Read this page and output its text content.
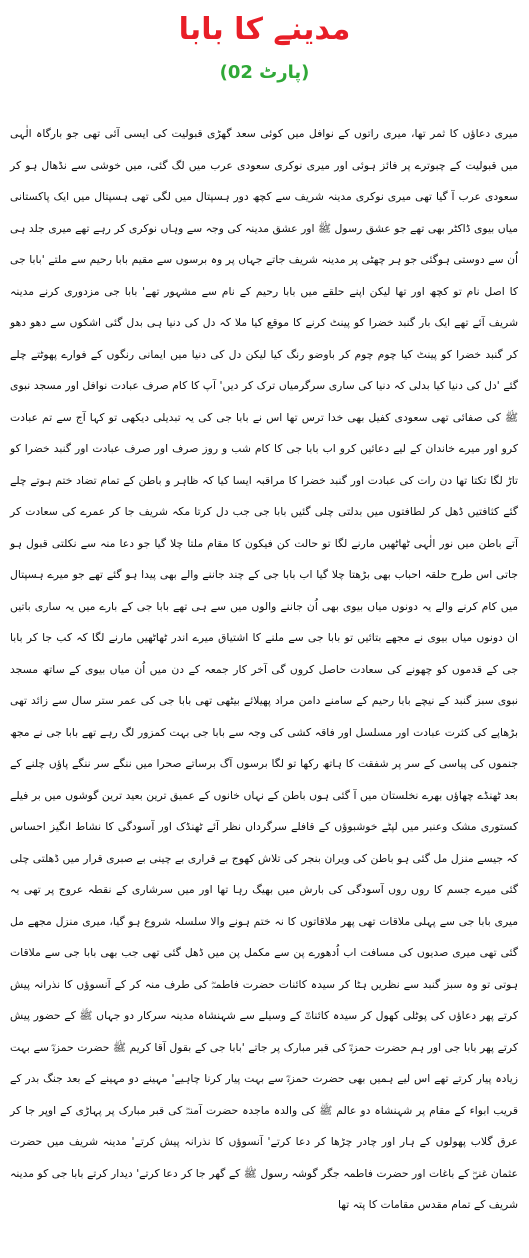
مدینے کا بابا
(پارٹ 02)

میری دعاؤں کا ثمر تھا، میری راتوں کے نوافل میں کوئی سعد گھڑی قبولیت کی ایسی آئی تھی جو بارگاہ الٰہی میں قبولیت کے چبوترے پر فائز ہوئی اور میری نوکری سعودی عرب میں لگ گئی، میں خوشی سے نڈھال ہو کر سعودی عرب آ گیا تھی میری نوکری مدینہ شریف سے کچھ دور ہسپتال میں لگی تھی ہسپتال میں ایک پاکستانی میاں بیوی ڈاکٹر بھی تھے جو عشق رسول ﷺ اور عشق مدینہ کی وجہ سے وہاں نوکری کر رہے تھے میری جلد ہی اُن سے دوستی ہوگئی جو ہر چھٹی پر مدینہ شریف جاتے جہاں پر وہ برسوں سے مقیم بابا رحیم سے ملتے 'بابا جی کا اصل نام تو کچھ اور تھا لیکن اپنے حلقے میں بابا رحیم کے نام سے مشہور تھے' بابا جی مزدوری کرنے مدینہ شریف آئے تھے ایک بار گنبد خضرا کو پینٹ کرنے کا موقع کیا ملا کہ دل کی دنیا ہی بدل گئی اشکوں سے دھو دھو کر گنبد خضرا کو پینٹ کیا چوم چوم کر باوضو رنگ کیا لیکن دل کی دنیا میں ایمانی رنگوں کے فوارے پھوٹتے چلے گئے 'دل کی دنیا کیا بدلی کہ دنیا کی ساری سرگرمیاں ترک کر دیں' آپ کا کام صرف عبادت نوافل اور مسجد نبوی ﷺ کی صفائی تھی سعودی کفیل بھی خدا ترس تھا اس نے بابا جی کی یہ تبدیلی دیکھی تو کہا آج سے تم عبادت کرو اور میرے خاندان کے لیے دعائیں کرو اب بابا جی کا کام شب و روز صرف اور صرف عبادت اور گنبد خضرا کو تاڑ لگا تکتا تھا دن رات کی عبادت اور گنبد خضرا کا مراقبہ ایسا کیا کہ ظاہر و باطن کے تمام تضاد ختم ہوتے چلے گئے کثافتیں ڈھل کر لطافتوں میں بدلتی چلی گئیں بابا جی جب دل کرتا مکہ شریف جا کر عمرے کی سعادت کر آتے باطن میں نور الٰہی ٹھاٹھیں مارنے لگا تو حالت کن فیکون کا مقام ملتا چلا گیا جو دعا منہ سے نکلتی قبول ہو جاتی اس طرح حلقہ احباب بھی بڑھتا چلا گیا اب بابا جی کے چند جاننے والے بھی پیدا ہو گئے تھے جو میرے ہسپتال میں کام کرنے والے یہ دونوں میاں بیوی بھی اُن جاننے والوں میں سے ہی تھے بابا جی کے بارے میں یہ ساری باتیں ان دونوں میاں بیوی نے مجھے بتائیں تو بابا جی سے ملنے کا اشتیاق میرے اندر ٹھاٹھیں مارنے لگا کہ کب جا کر بابا جی کے قدموں کو چھونے کی سعادت حاصل کروں گی آخر کار جمعہ کے دن میں اُن میاں بیوی کے ساتھ مسجد نبوی سبز گنبد کے نیچے بابا رحیم کے سامنے دامن مراد پھیلائے بیٹھی تھی بابا جی کی عمر ستر سال سے زائد تھی بڑھاپے کی کثرت عبادت اور مسلسل اور فاقہ کشی کی وجہ سے بابا جی بہت کمزور لگ رہے تھے بابا جی نے مجھ جنموں کی پیاسی کے سر پر شفقت کا ہاتھ رکھا تو لگا برسوں آگ برساتے صحرا میں ننگے سر ننگے پاؤں چلنے کے بعد ٹھنڈے چھاؤں بھرے نخلستان میں آ گئی ہوں باطن کے نہاں خانوں کے عمیق ترین بعید ترین گوشوں میں بر فیلے کستوری مشک وعنبر میں لپٹے خوشبوؤں کے قافلے سرگرداں نظر آئے ٹھنڈک اور آسودگی کا نشاط انگیز احساس کہ جیسے منزل مل گئی ہو باطن کی ویران بنجر کی تلاش کھوج بے قراری بے چینی بے صبری قرار میں ڈھلتی چلی گئی میرے جسم کا روں روں آسودگی کی بارش میں بھیگ رہا تھا اور میں سرشاری کے نقطہ عروج پر تھی یہ میری بابا جی سے پہلی ملاقات تھی پھر ملاقاتوں کا نہ ختم ہونے والا سلسلہ شروع ہو گیا، میری منزل مجھے مل گئی تھی میری صدیوں کی مسافت اب اُدھورے پن سے مکمل پن میں ڈھل گئی تھی جب بھی بابا جی سے ملاقات ہوتی تو وہ سبز گنبد سے نظریں ہٹا کر سیدہ کائنات حضرت فاطمہؓ کی طرف منہ کر کے آنسوؤں کا نذرانہ پیش کرتے پھر دعاؤں کی پوٹلی کھول کر سیدہ کائناتؓ کے وسیلے سے شہنشاہ مدینہ سرکار دو جہاں ﷺ کے حضور پیش کرتے پھر بابا جی اور ہم حضرت حمزہؓ کی قبر مبارک پر جاتے 'بابا جی کے بقول آقا کریم ﷺ حضرت حمزہؓ سے بہت زیادہ پیار کرتے تھے اس لیے ہمیں بھی حضرت حمزہؓ سے بہت پیار کرنا چاہیے' مہینے دو مہینے کے بعد جنگ بدر کے قریب ابواء کے مقام پر شہنشاہ دو عالم ﷺ کی والدہ ماجدہ حضرت آمنہؓ کی قبر مبارک پر پہاڑی کے اوپر جا کر عرق گلاب پھولوں کے ہار اور چادر چڑھا کر دعا کرتے' آنسوؤں کا نذرانہ پیش کرتے' مدینہ شریف میں حضرت عثمان غنیؓ کے باغات اور حضرت فاطمہ جگر گوشہ رسول ﷺ کے گھر جا کر دعا کرتے' دیدار کرتے بابا جی کو مدینہ شریف کے تمام مقدس مقامات کا پتہ تھا
